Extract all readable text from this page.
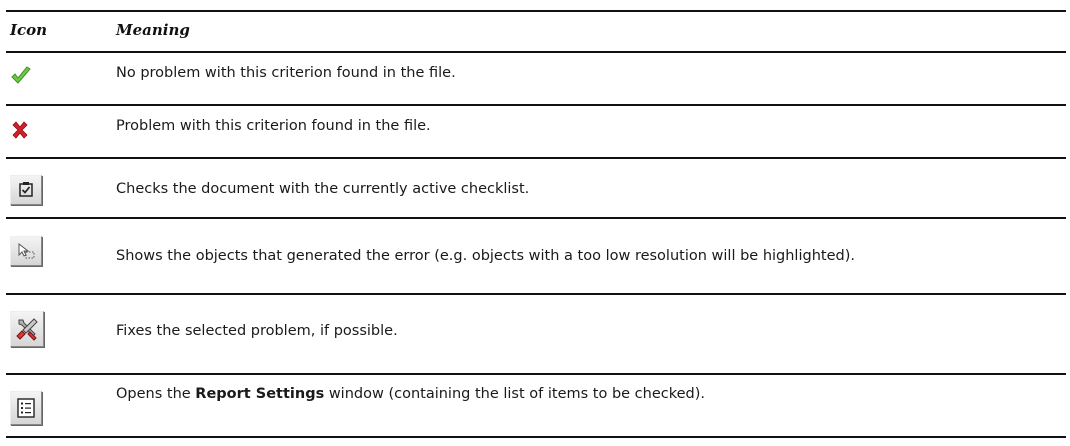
Icon	Meaning
No problem with this criterion found in the file.
Problem with this criterion found in the file.
Checks the document with the currently active checklist.
Shows the objects that generated the error (e.g. objects with a too low resolution will be highlighted).
Fixes the selected problem, if possible.
Opens the Report Settings window (containing the list of items to be checked).
